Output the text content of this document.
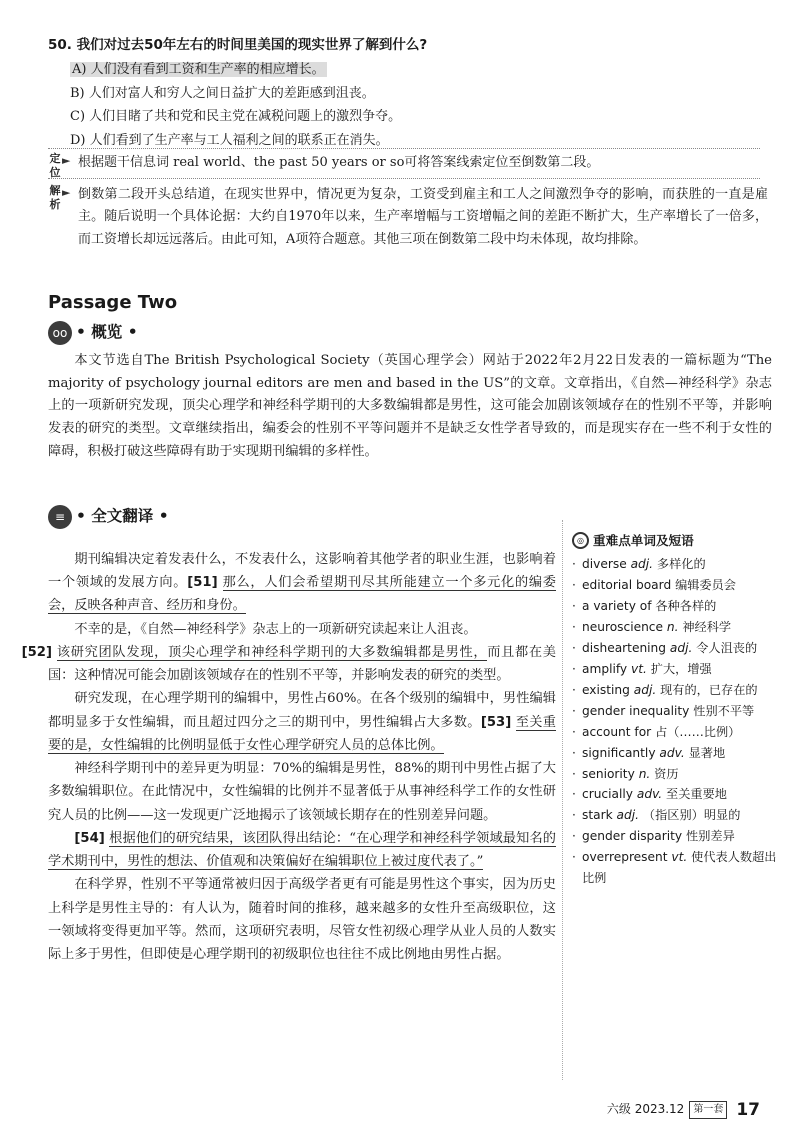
50. 我们对过去50年左右的时间里美国的现实世界了解到什么?
A) 人们没有看到工资和生产率的相应增长。
B) 人们对富人和穷人之间日益扩大的差距感到沮丧。
C) 人们目睹了共和党和民主党在减税问题上的激烈争夺。
D) 人们看到了生产率与工人福利之间的联系正在消失。
定
位
► 根据题干信息词 real world、the past 50 years or so可将答案线索定位至倒数第二段。
解
析
► 倒数第二段开头总结道，在现实世界中，情况更为复杂，工资受到雇主和工人之间激烈争夺的影响，而获胜的一直是雇主。随后说明一个具体论据：大约自1970年以来，生产率增幅与工资增幅之间的差距不断扩大，生产率增长了一倍多，而工资增长却远远落后。由此可知，A项符合题意。其他三项在倒数第二段中均未体现，故均排除。
Passage Two
oo • 概览 •

本文节选自The British Psychological Society（英国心理学会）网站于2022年2月22日发表的一篇标题为“The majority of psychology journal editors are men and based in the US”的文章。文章指出，《自然—神经科学》杂志上的一项新研究发现，顶尖心理学和神经科学期刊的大多数编辑都是男性，这可能会加剧该领域存在的性别不平等，并影响发表的研究的类型。文章继续指出，编委会的性别不平等问题并不是缺乏女性学者导致的，而是现实存在一些不利于女性的障碍，积极打破这些障碍有助于实现期刊编辑的多样性。

≡ • 全文翻译 •

期刊编辑决定着发表什么，不发表什么，这影响着其他学者的职业生涯，也影响着一个领域的发展方向。[51] 那么，人们会希望期刊尽其所能建立一个多元化的编委会，反映各种声音、经历和身份。

不幸的是，《自然—神经科学》杂志上的一项新研究读起来让人沮丧。
[52] 该研究团队发现，顶尖心理学和神经科学期刊的大多数编辑都是男性，而且都在美国：这种情况可能会加剧该领域存在的性别不平等，并影响发表的研究的类型。

研究发现，在心理学期刊的编辑中，男性占60%。在各个级别的编辑中，男性编辑都明显多于女性编辑，而且超过四分之三的期刊中，男性编辑占大多数。[53] 至关重要的是，女性编辑的比例明显低于女性心理学研究人员的总体比例。

神经科学期刊中的差异更为明显：70%的编辑是男性，88%的期刊中男性占据了大多数编辑职位。在此情况中，女性编辑的比例并不显著低于从事神经科学工作的女性研究人员的比例——这一发现更广泛地揭示了该领域长期存在的性别差异问题。

[54] 根据他们的研究结果，该团队得出结论：“在心理学和神经科学领域最知名的学术期刊中，男性的想法、价值观和决策偏好在编辑职位上被过度代表了。”

在科学界，性别不平等通常被归因于高级学者更有可能是男性这个事实，因为历史上科学是男性主导的：有人认为，随着时间的推移，越来越多的女性升至高级职位，这一领域将变得更加平等。然而，这项研究表明，尽管女性初级心理学从业人员的人数实际上多于男性，但即使是心理学期刊的初级职位也往往不成比例地由男性占据。

◎ 重难点单词及短语
· diverse adj. 多样化的
· editorial board 编辑委员会
· a variety of 各种各样的
· neuroscience n. 神经科学
· disheartening adj. 令人沮丧的
· amplify vt. 扩大，增强
· existing adj. 现有的，已存在的
· gender inequality 性别不平等
· account for 占（……比例）
· significantly adv. 显著地
· seniority n. 资历
· crucially adv. 至关重要地
· stark adj. （指区别）明显的
· gender disparity 性别差异
· overrepresent vt. 使代表人数超出比例
六级 2023.12 第一套 17
